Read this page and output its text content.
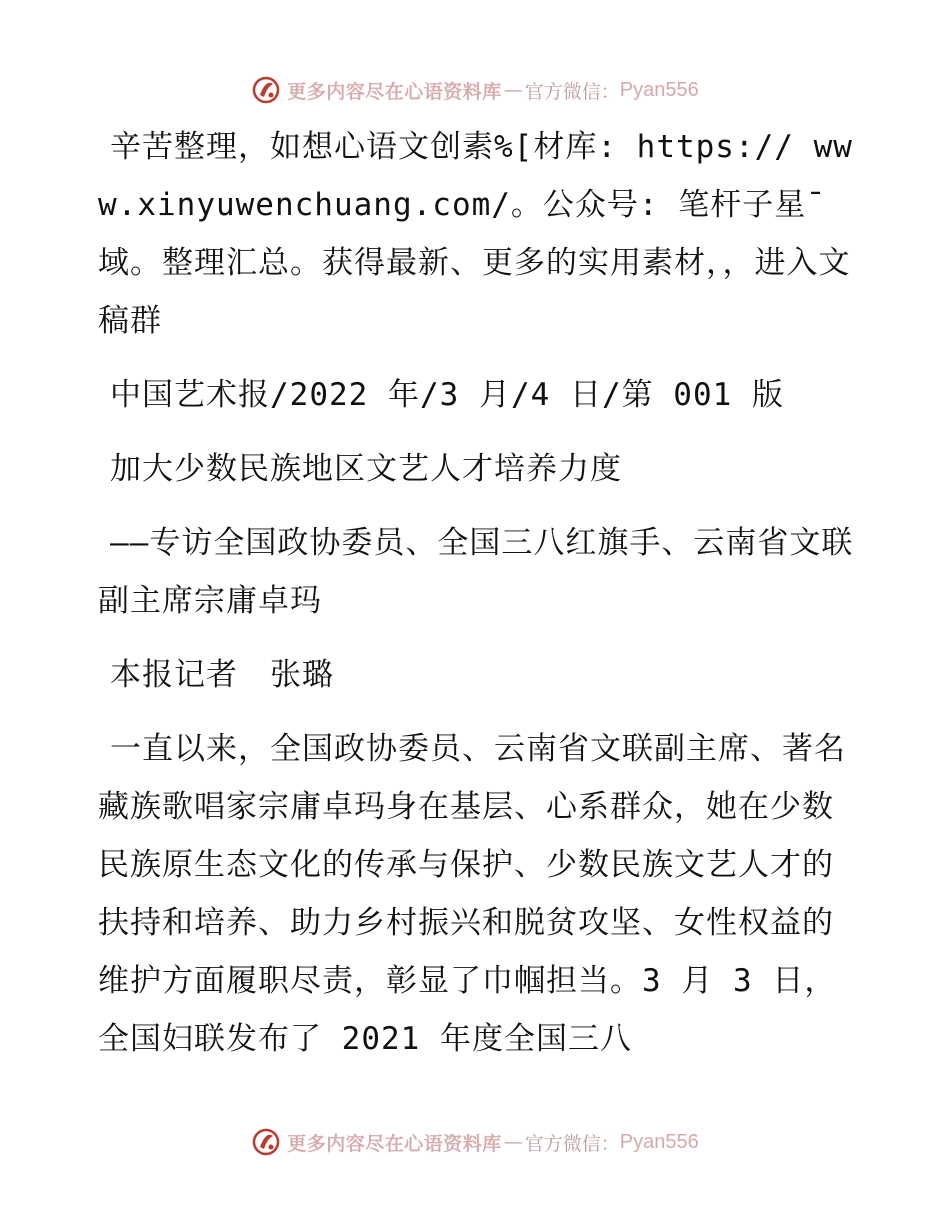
更多内容尽在心语资料库 — 官方微信： Pyan556
辛苦整理，如想心语文创素%[材库: https:// www.xinyuwenchuang.com/。公众号: 笔杆子星¯域。整理汇总。获得最新、更多的实用素材，，进入文稿群
中国艺术报/2022 年/3 月/4 日/第 001 版
加大少数民族地区文艺人才培养力度
——专访全国政协委员、全国三八红旗手、云南省文联副主席宗庸卓玛
本报记者　张璐
一直以来，全国政协委员、云南省文联副主席、著名藏族歌唱家宗庸卓玛身在基层、心系群众，她在少数民族原生态文化的传承与保护、少数民族文艺人才的扶持和培养、助力乡村振兴和脱贫攻坚、女性权益的维护方面履职尽责，彰显了巾帼担当。3 月 3 日，全国妇联发布了 2021 年度全国三八
更多内容尽在心语资料库 — 官方微信： Pyan556
